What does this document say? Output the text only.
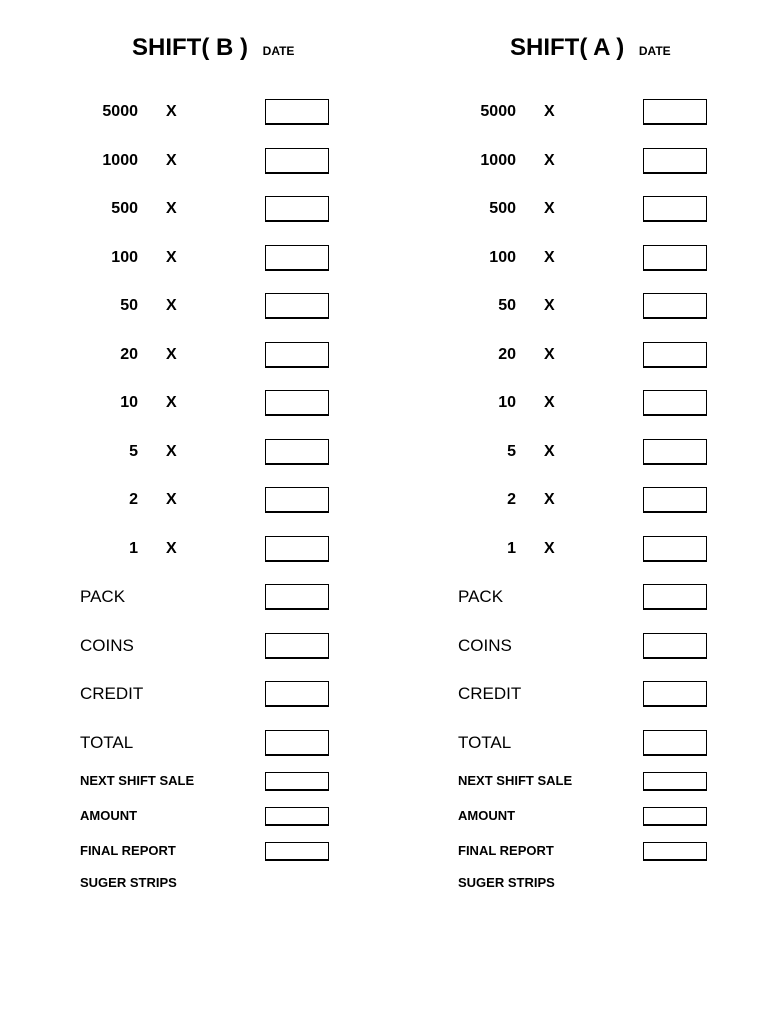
SHIFT( B ) DATE
5000 X
1000 X
500 X
100 X
50 X
20 X
10 X
5 X
2 X
1 X
PACK
COINS
CREDIT
TOTAL
NEXT SHIFT SALE
AMOUNT
FINAL REPORT
SUGER STRIPS
SHIFT( A ) DATE
5000 X
1000 X
500 X
100 X
50 X
20 X
10 X
5 X
2 X
1 X
PACK
COINS
CREDIT
TOTAL
NEXT SHIFT SALE
AMOUNT
FINAL REPORT
SUGER STRIPS
